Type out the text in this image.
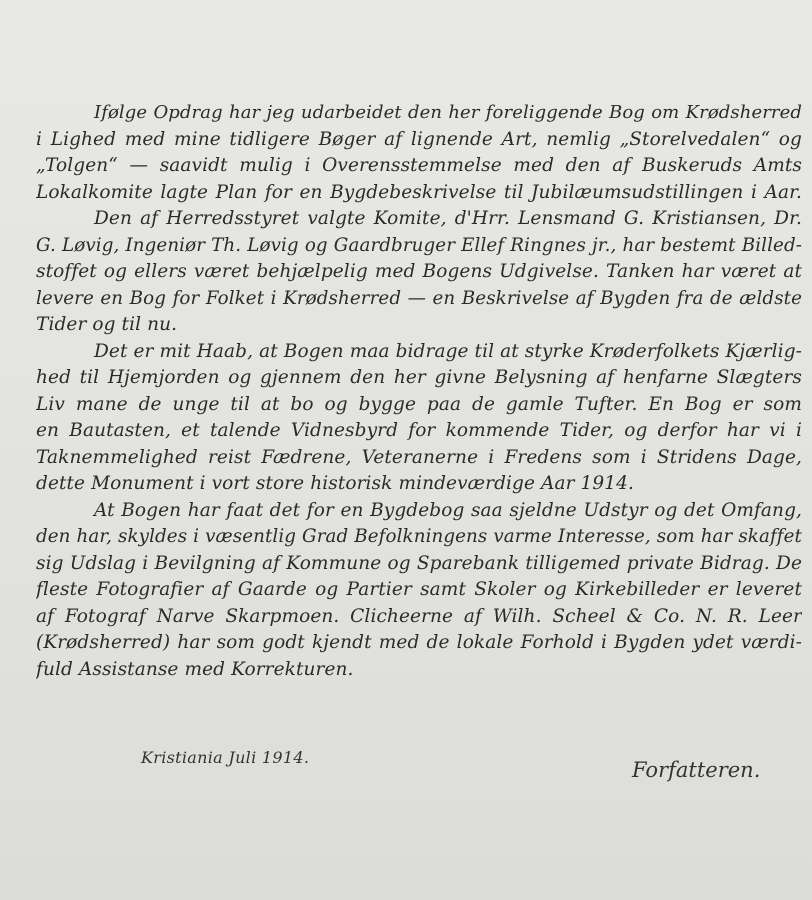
Ifølge Opdrag har jeg udarbeidet den her foreliggende Bog om Krødsherred
i Lighed med mine tidligere Bøger af lignende Art, nemlig „Storelvedalen“ og
„Tolgen“ — saavidt mulig i Overensstemmelse med den af Buskeruds Amts
Lokalkomite lagte Plan for en Bygdebeskrivelse til Jubilæumsudstillingen i Aar.
Den af Herredsstyret valgte Komite, d'Hrr. Lensmand G. Kristiansen, Dr.
G. Løvig, Ingeniør Th. Løvig og Gaardbruger Ellef Ringnes jr., har bestemt Billed-
stoffet og ellers været behjælpelig med Bogens Udgivelse. Tanken har været at
levere en Bog for Folket i Krødsherred — en Beskrivelse af Bygden fra de ældste
Tider og til nu.
Det er mit Haab, at Bogen maa bidrage til at styrke Krøderfolkets Kjærlig-
hed til Hjemjorden og gjennem den her givne Belysning af henfarne Slægters
Liv mane de unge til at bo og bygge paa de gamle Tufter. En Bog er som
en Bautasten, et talende Vidnesbyrd for kommende Tider, og derfor har vi i
Taknemmelighed reist Fædrene, Veteranerne i Fredens som i Stridens Dage,
dette Monument i vort store historisk mindeværdige Aar 1914.
At Bogen har faat det for en Bygdebog saa sjeldne Udstyr og det Omfang,
den har, skyldes i væsentlig Grad Befolkningens varme Interesse, som har skaffet
sig Udslag i Bevilgning af Kommune og Sparebank tilligemed private Bidrag. De
fleste Fotografier af Gaarde og Partier samt Skoler og Kirkebilleder er leveret
af Fotograf Narve Skarpmoen. Clicheerne af Wilh. Scheel & Co. N. R. Leer
(Krødsherred) har som godt kjendt med de lokale Forhold i Bygden ydet værdi-
fuld Assistanse med Korrekturen.
Kristiania Juli 1914.
Forfatteren.
